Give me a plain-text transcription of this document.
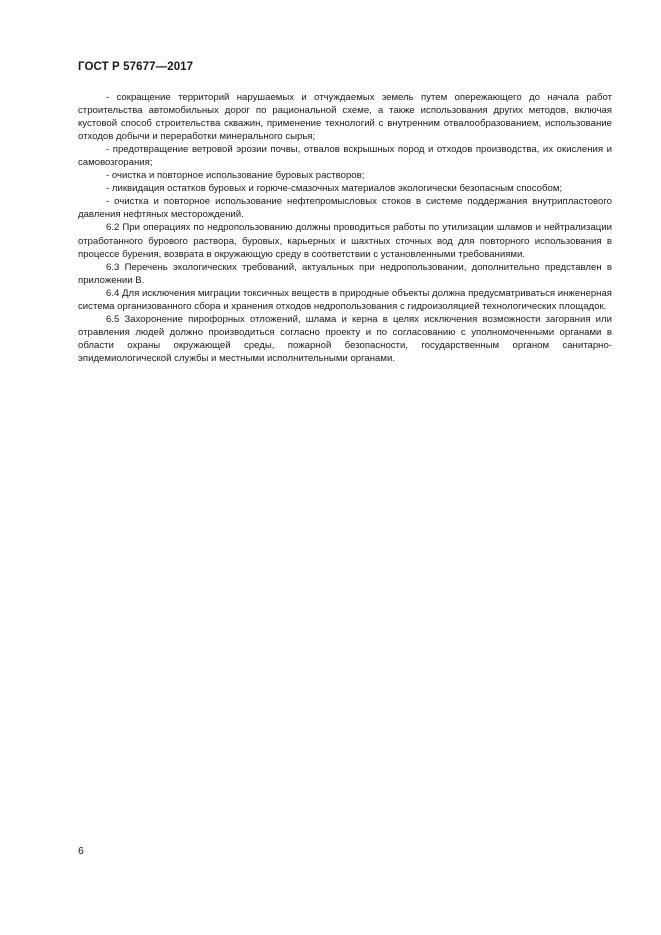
ГОСТ Р 57677—2017

- сокращение территорий нарушаемых и отчуждаемых земель путем опережающего до начала работ строительства автомобильных дорог по рациональной схеме, а также использования других методов, включая кустовой способ строительства скважин, применение технологий с внутренним отвалообразованием, использование отходов добычи и переработки минерального сырья;

- предотвращение ветровой эрозии почвы, отвалов вскрышных пород и отходов производства, их окисления и самовозгорания;

- очистка и повторное использование буровых растворов;

- ликвидация остатков буровых и горюче-смазочных материалов экологически безопасным способом;

- очистка и повторное использование нефтепромысловых стоков в системе поддержания внутрипластового давления нефтяных месторождений.

6.2 При операциях по недропользованию должны проводиться работы по утилизации шламов и нейтрализации отработанного бурового раствора, буровых, карьерных и шахтных сточных вод для повторного использования в процессе бурения, возврата в окружающую среду в соответствии с установленными требованиями.

6.3 Перечень экологических требований, актуальных при недропользовании, дополнительно представлен в приложении В.

6.4 Для исключения миграции токсичных веществ в природные объекты должна предусматриваться инженерная система организованного сбора и хранения отходов недропользования с гидроизоляцией технологических площадок.

6.5 Захоронение пирофорных отложений, шлама и керна в целях исключения возможности загорания или отравления людей должно производиться согласно проекту и по согласованию с уполномоченными органами в области охраны окружающей среды, пожарной безопасности, государственным органом санитарно-эпидемиологической службы и местными исполнительными органами.

6
